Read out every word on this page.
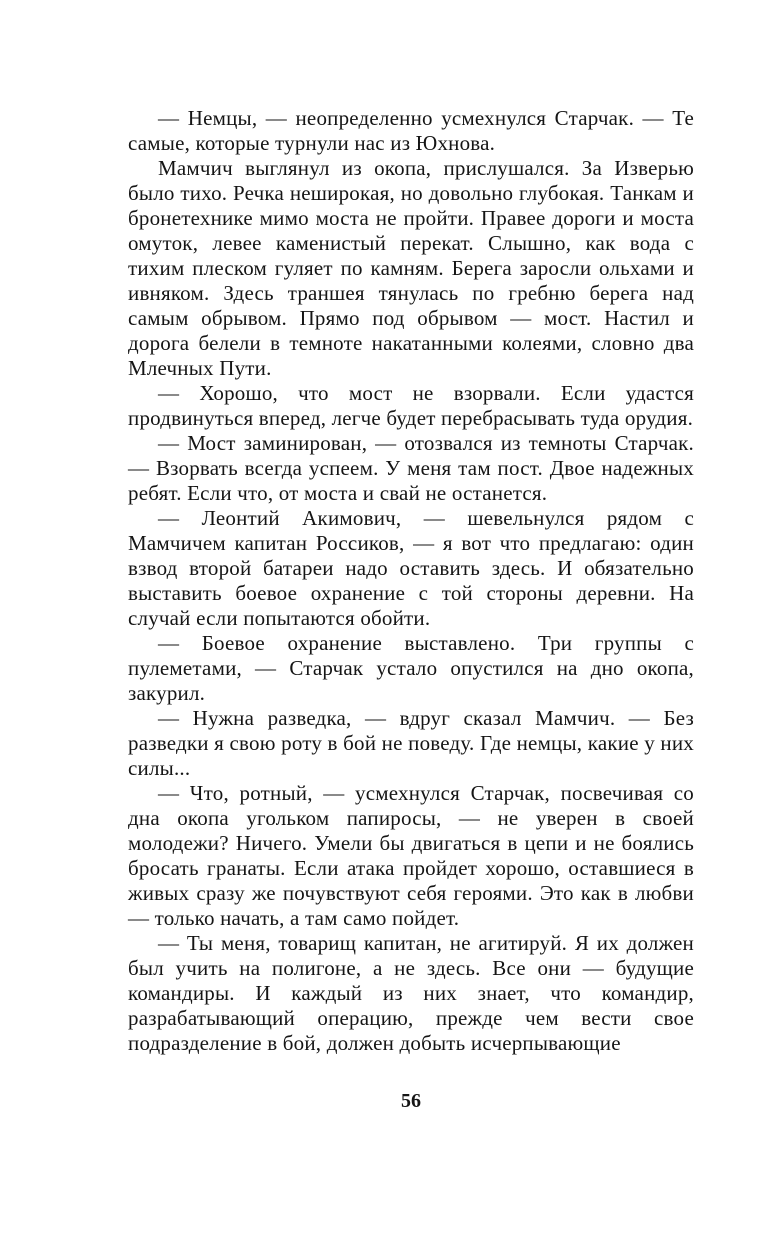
— Немцы, — неопределенно усмехнулся Старчак. — Те самые, которые турнули нас из Юхнова.

Мамчич выглянул из окопа, прислушался. За Изверью было тихо. Речка неширокая, но довольно глубокая. Танкам и бронетехнике мимо моста не пройти. Правее дороги и моста омуток, левее каменистый перекат. Слышно, как вода с тихим плеском гуляет по камням. Берега заросли ольхами и ивняком. Здесь траншея тянулась по гребню берега над самым обрывом. Прямо под обрывом — мост. Настил и дорога белели в темноте накатанными колеями, словно два Млечных Пути.

— Хорошо, что мост не взорвали. Если удастся продвинуться вперед, легче будет перебрасывать туда орудия.

— Мост заминирован, — отозвался из темноты Старчак. — Взорвать всегда успеем. У меня там пост. Двое надежных ребят. Если что, от моста и свай не останется.

— Леонтий Акимович, — шевельнулся рядом с Мамчичем капитан Россиков, — я вот что предлагаю: один взвод второй батареи надо оставить здесь. И обязательно выставить боевое охранение с той стороны деревни. На случай если попытаются обойти.

— Боевое охранение выставлено. Три группы с пулеметами, — Старчак устало опустился на дно окопа, закурил.

— Нужна разведка, — вдруг сказал Мамчич. — Без разведки я свою роту в бой не поведу. Где немцы, какие у них силы...

— Что, ротный, — усмехнулся Старчак, посвечивая со дна окопа угольком папиросы, — не уверен в своей молодежи? Ничего. Умели бы двигаться в цепи и не боялись бросать гранаты. Если атака пройдет хорошо, оставшиеся в живых сразу же почувствуют себя героями. Это как в любви — только начать, а там само пойдет.

— Ты меня, товарищ капитан, не агитируй. Я их должен был учить на полигоне, а не здесь. Все они — будущие командиры. И каждый из них знает, что командир, разрабатывающий операцию, прежде чем вести свое подразделение в бой, должен добыть исчерпывающие

56
